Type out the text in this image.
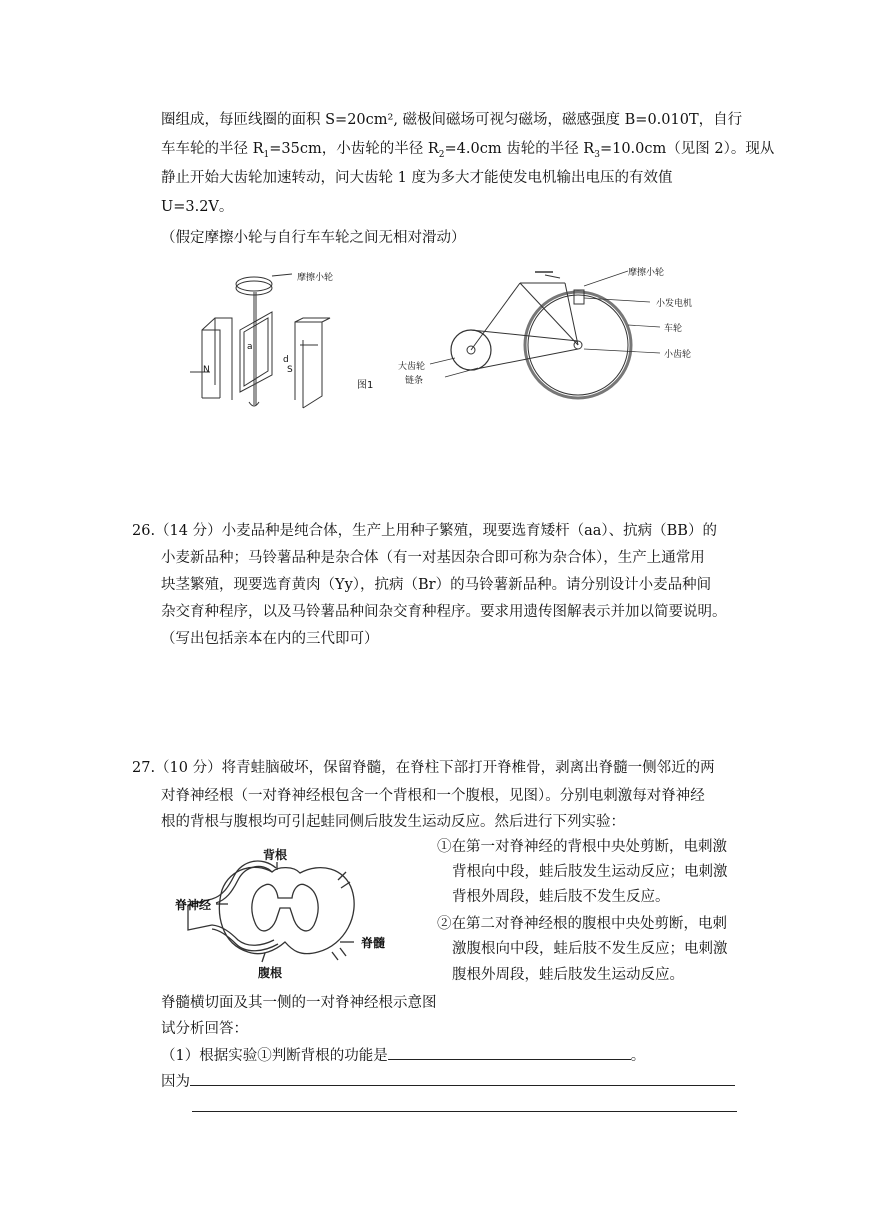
圈组成，每匝线圈的面积 S=20cm², 磁极间磁场可视匀磁场，磁感强度 B=0.010T，自行
车车轮的半径 $R_1=35cm$，小齿轮的半径 $R_2=4.0cm$ 齿轮的半径 $R_3=10.0cm$（见图 2）。现从
静止开始大齿轮加速转动，问大齿轮 1 度为多大才能使发电机输出电压的有效值
U=3.2V。
（假定摩擦小轮与自行车车轮之间无相对滑动）
摩擦小轮
N	S
a
d
图1
摩擦小轮
小发电机
车轮
小齿轮
大齿轮
链条
26.（14 分）小麦品种是纯合体，生产上用种子繁殖，现要选育矮杆（aa）、抗病（BB）的
小麦新品种；马铃薯品种是杂合体（有一对基因杂合即可称为杂合体），生产上通常用
块茎繁殖，现要选育黄肉（Yy），抗病（Br）的马铃薯新品种。请分别设计小麦品种间
杂交育种程序，以及马铃薯品种间杂交育种程序。要求用遗传图解表示并加以简要说明。
（写出包括亲本在内的三代即可）
27.（10 分）将青蛙脑破坏，保留脊髓，在脊柱下部打开脊椎骨，剥离出脊髓一侧邻近的两
对脊神经根（一对脊神经根包含一个背根和一个腹根，见图）。分别电刺激每对脊神经
根的背根与腹根均可引起蛙同侧后肢发生运动反应。然后进行下列实验：
①在第一对脊神经的背根中央处剪断，电刺激
背根向中段，蛙后肢发生运动反应；电刺激
背根外周段，蛙后肢不发生反应。
②在第二对脊神经根的腹根中央处剪断，电刺
激腹根向中段，蛙后肢不发生反应；电刺激
腹根外周段，蛙后肢发生运动反应。
背根
脊神经
脊髓
腹根
脊髓横切面及其一侧的一对脊神经根示意图
试分析回答：
（1）根据实验①判断背根的功能是	。
因为
